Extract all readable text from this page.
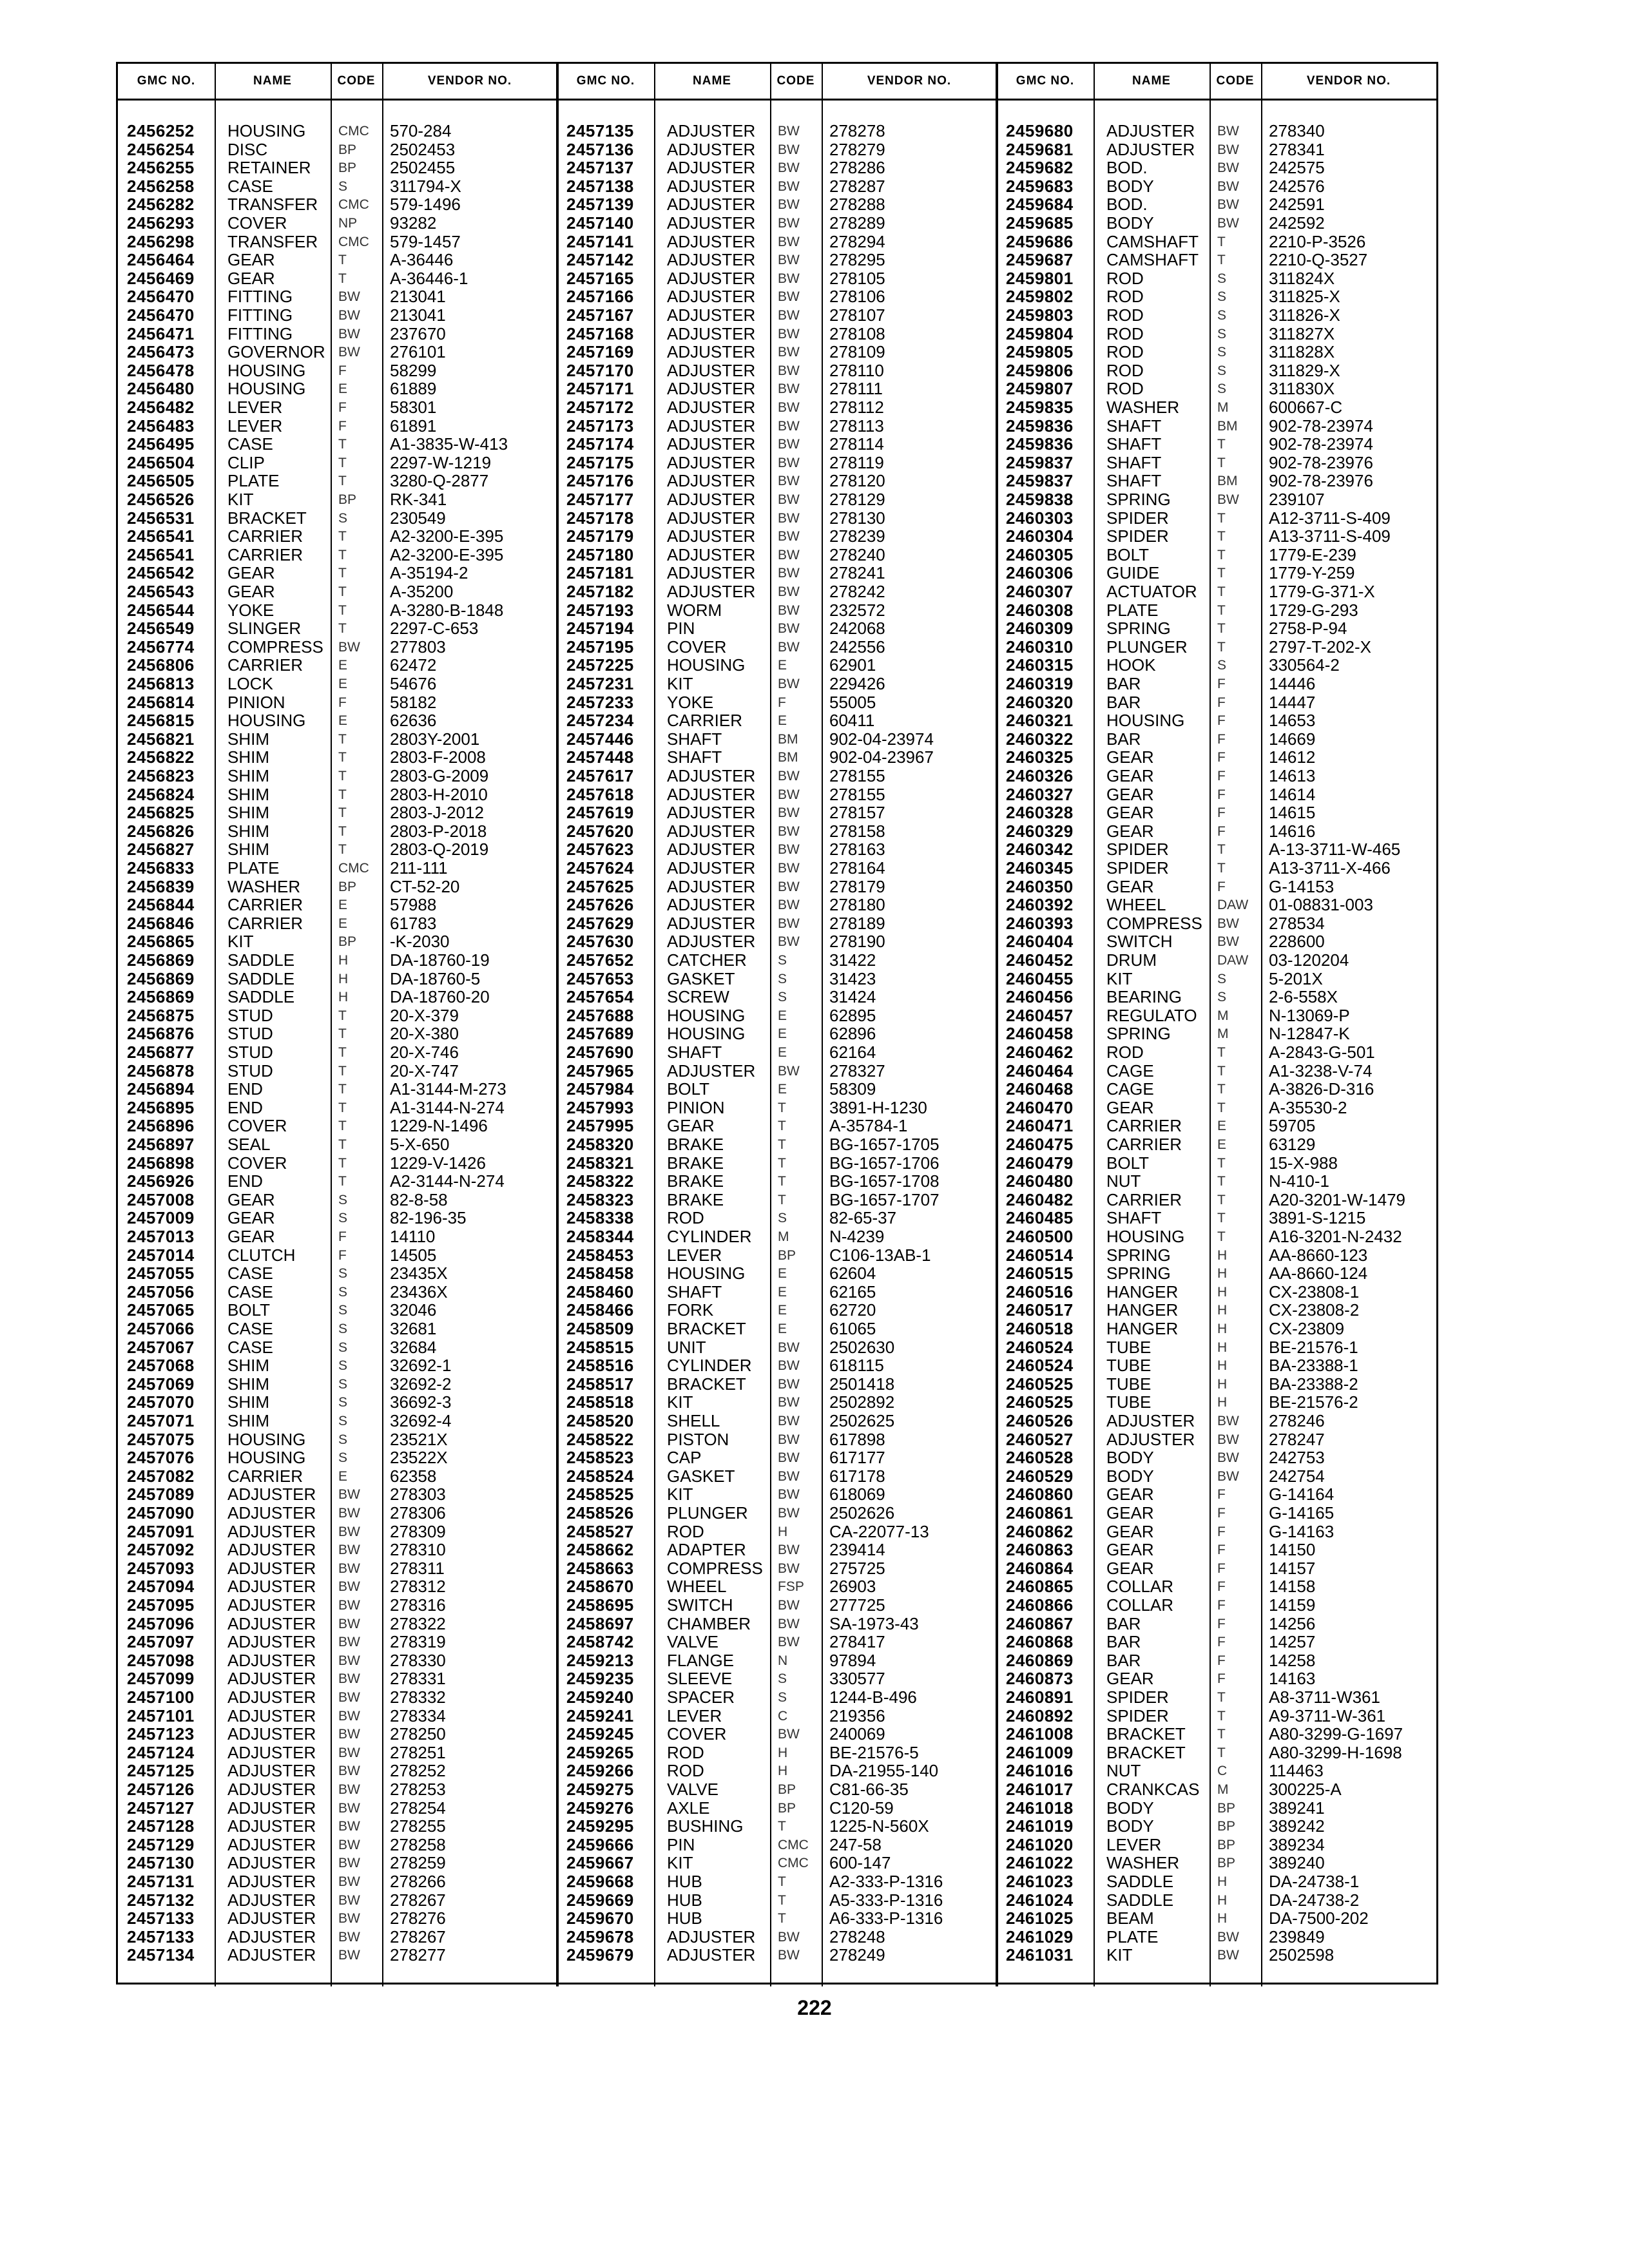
GMC NO.	NAME	CODE	VENDOR NO.	GMC NO.	NAME	CODE	VENDOR NO.	GMC NO.	NAME	CODE	VENDOR NO.
2456252 HOUSING CMC 570-284
2456254 DISC	BP 2502453
2456255 RETAINER BP 2502455
2456258 CASE	S	311794-X
2456282 TRANSFER CMC 579-1496
2456293 COVER	NP 93282
2456298 TRANSFER CMC 579-1457
2456464 GEAR	T	A-36446
2456469 GEAR	T	A-36446-1
2456470 FITTING	BW 213041
2456470 FITTING	BW 213041
2456471 FITTING	BW 237670
2456473 GOVERNOR BW 276101
2456478 HOUSING F	58299
2456480 HOUSING E	61889
2456482 LEVER	F	58301
2456483 LEVER	F	61891
2456495 CASE	T	A1-3835-W-413
2456504 CLIP	T	2297-W-1219
2456505 PLATE	T	3280-Q-2877
2456526 KIT	BP RK-341
2456531 BRACKET S	230549
2456541 CARRIER	T	A2-3200-E-395
2456541 CARRIER	T	A2-3200-E-395
2456542 GEAR	T	A-35194-2
2456543 GEAR	T	A-35200
2456544 YOKE	T	A-3280-B-1848
2456549 SLINGER	T	2297-C-653
2456774 COMPRESS BW 277803
2456806 CARRIER	E	62472
2456813 LOCK	E	54676
2456814 PINION	F	58182
2456815 HOUSING E	62636
2456821 SHIM	T	2803Y-2001
2456822 SHIM	T	2803-F-2008
2456823 SHIM	T	2803-G-2009
2456824 SHIM	T	2803-H-2010
2456825 SHIM	T	2803-J-2012
2456826 SHIM	T	2803-P-2018
2456827 SHIM	T	2803-Q-2019
2456833 PLATE	CMC 211-111
2456839 WASHER	BP CT-52-20
2456844 CARRIER	E	57988
2456846 CARRIER	E	61783
2456865 KIT	BP -K-2030
2456869 SADDLE	H DA-18760-19
2456869 SADDLE	H DA-18760-5
2456869 SADDLE	H DA-18760-20
2456875 STUD	T	20-X-379
2456876 STUD	T	20-X-380
2456877 STUD	T	20-X-746
2456878 STUD	T	20-X-747
2456894 END	T	A1-3144-M-273
2456895 END	T	A1-3144-N-274
2456896 COVER	T	1229-N-1496
2456897 SEAL	T	5-X-650
2456898 COVER	T	1229-V-1426
2456926 END	T	A2-3144-N-274
2457008 GEAR	S	82-8-58
2457009 GEAR	S	82-196-35
2457013 GEAR	F	14110
2457014 CLUTCH	F	14505
2457055 CASE	S	23435X
2457056 CASE	S	23436X
2457065 BOLT	S	32046
2457066 CASE	S	32681
2457067 CASE	S	32684
2457068 SHIM	S	32692-1
2457069 SHIM	S	32692-2
2457070 SHIM	S	36692-3
2457071 SHIM	S	32692-4
2457075 HOUSING S	23521X
2457076 HOUSING S	23522X
2457082 CARRIER	E	62358
2457089 ADJUSTER BW 278303
2457090 ADJUSTER BW 278306
2457091 ADJUSTER BW 278309
2457092 ADJUSTER BW 278310
2457093 ADJUSTER BW 278311
2457094 ADJUSTER BW 278312
2457095 ADJUSTER BW 278316
2457096 ADJUSTER BW 278322
2457097 ADJUSTER BW 278319
2457098 ADJUSTER BW 278330
2457099 ADJUSTER BW 278331
2457100 ADJUSTER BW 278332
2457101 ADJUSTER BW 278334
2457123 ADJUSTER BW 278250
2457124 ADJUSTER BW 278251
2457125 ADJUSTER BW 278252
2457126 ADJUSTER BW 278253
2457127 ADJUSTER BW 278254
2457128 ADJUSTER BW 278255
2457129 ADJUSTER BW 278258
2457130 ADJUSTER BW 278259
2457131 ADJUSTER BW 278266
2457132 ADJUSTER BW 278267
2457133 ADJUSTER BW 278276
2457133 ADJUSTER BW 278267
2457134 ADJUSTER BW 278277
2457135 ADJUSTER BW 278278
2457136 ADJUSTER BW 278279
2457137 ADJUSTER BW 278286
2457138 ADJUSTER BW 278287
2457139 ADJUSTER BW 278288
2457140 ADJUSTER BW 278289
2457141 ADJUSTER BW 278294
2457142 ADJUSTER BW 278295
2457165 ADJUSTER BW 278105
2457166 ADJUSTER BW 278106
2457167 ADJUSTER BW 278107
2457168 ADJUSTER BW 278108
2457169 ADJUSTER BW 278109
2457170 ADJUSTER BW 278110
2457171 ADJUSTER BW 278111
2457172 ADJUSTER BW 278112
2457173 ADJUSTER BW 278113
2457174 ADJUSTER BW 278114
2457175 ADJUSTER BW 278119
2457176 ADJUSTER BW 278120
2457177 ADJUSTER BW 278129
2457178 ADJUSTER BW 278130
2457179 ADJUSTER BW 278239
2457180 ADJUSTER BW 278240
2457181 ADJUSTER BW 278241
2457182 ADJUSTER BW 278242
2457193 WORM	BW 232572
2457194 PIN	BW 242068
2457195 COVER	BW 242556
2457225 HOUSING E	62901
2457231 KIT	BW 229426
2457233 YOKE	F	55005
2457234 CARRIER	E	60411
2457446 SHAFT	BM 902-04-23974
2457448 SHAFT	BM 902-04-23967
2457617 ADJUSTER BW 278155
2457618 ADJUSTER BW 278155
2457619 ADJUSTER BW 278157
2457620 ADJUSTER BW 278158
2457623 ADJUSTER BW 278163
2457624 ADJUSTER BW 278164
2457625 ADJUSTER BW 278179
2457626 ADJUSTER BW 278180
2457629 ADJUSTER BW 278189
2457630 ADJUSTER BW 278190
2457652 CATCHER S	31422
2457653 GASKET	S	31423
2457654 SCREW	S	31424
2457688 HOUSING E	62895
2457689 HOUSING E	62896
2457690 SHAFT	E	62164
2457965 ADJUSTER BW 278327
2457984 BOLT	E	58309
2457993 PINION	T	3891-H-1230
2457995 GEAR	T	A-35784-1
2458320 BRAKE	T	BG-1657-1705
2458321 BRAKE	T	BG-1657-1706
2458322 BRAKE	T	BG-1657-1708
2458323 BRAKE	T	BG-1657-1707
2458338 ROD	S	82-65-37
2458344 CYLINDER M N-4239
2458453 LEVER	BP C106-13AB-1
2458458 HOUSING E	62604
2458460 SHAFT	E	62165
2458466 FORK	E	62720
2458509 BRACKET E	61065
2458515 UNIT	BW 2502630
2458516 CYLINDER BW 618115
2458517 BRACKET BW 2501418
2458518 KIT	BW 2502892
2458520 SHELL	BW 2502625
2458522 PISTON	BW 617898
2458523 CAP	BW 617177
2458524 GASKET	BW 617178
2458525 KIT	BW 618069
2458526 PLUNGER BW 2502626
2458527 ROD	H CA-22077-13
2458662 ADAPTER BW 239414
2458663 COMPRESS BW 275725
2458670 WHEEL	FSP 26903
2458695 SWITCH	BW 277725
2458697 CHAMBER BW SA-1973-43
2458742 VALVE	BW 278417
2459213 FLANGE	N 97894
2459235 SLEEVE	S	330577
2459240 SPACER	S	1244-B-496
2459241 LEVER	C 219356
2459245 COVER	BW 240069
2459265 ROD	H BE-21576-5
2459266 ROD	H DA-21955-140
2459275 VALVE	BP C81-66-35
2459276 AXLE	BP C120-59
2459295 BUSHING	T	1225-N-560X
2459666 PIN	CMC 247-58
2459667 KIT	CMC 600-147
2459668 HUB	T	A2-333-P-1316
2459669 HUB	T	A5-333-P-1316
2459670 HUB	T	A6-333-P-1316
2459678 ADJUSTER BW 278248
2459679 ADJUSTER BW 278249
2459680 ADJUSTER BW 278340
2459681 ADJUSTER BW 278341
2459682 BOD.	BW 242575
2459683 BODY	BW 242576
2459684 BOD.	BW 242591
2459685 BODY	BW 242592
2459686 CAMSHAFT T	2210-P-3526
2459687 CAMSHAFT T	2210-Q-3527
2459801 ROD	S	311824X
2459802 ROD	S	311825-X
2459803 ROD	S	311826-X
2459804 ROD	S	311827X
2459805 ROD	S	311828X
2459806 ROD	S	311829-X
2459807 ROD	S	311830X
2459835 WASHER	M 600667-C
2459836 SHAFT	BM 902-78-23974
2459836 SHAFT	T	902-78-23974
2459837 SHAFT	T	902-78-23976
2459837 SHAFT	BM 902-78-23976
2459838 SPRING	BW 239107
2460303 SPIDER	T	A12-3711-S-409
2460304 SPIDER	T	A13-3711-S-409
2460305 BOLT	T	1779-E-239
2460306 GUIDE	T	1779-Y-259
2460307 ACTUATOR T	1779-G-371-X
2460308 PLATE	T	1729-G-293
2460309 SPRING	T	2758-P-94
2460310 PLUNGER T	2797-T-202-X
2460315 HOOK	S	330564-2
2460319 BAR	F	14446
2460320 BAR	F	14447
2460321 HOUSING F	14653
2460322 BAR	F	14669
2460325 GEAR	F	14612
2460326 GEAR	F	14613
2460327 GEAR	F	14614
2460328 GEAR	F	14615
2460329 GEAR	F	14616
2460342 SPIDER	T	A-13-3711-W-465
2460345 SPIDER	T	A13-3711-X-466
2460350 GEAR	F	G-14153
2460392 WHEEL	DAW 01-08831-003
2460393 COMPRESS BW 278534
2460404 SWITCH	BW 228600
2460452 DRUM	DAW 03-120204
2460455 KIT	S	5-201X
2460456 BEARING	S	2-6-558X
2460457 REGULATO M N-13069-P
2460458 SPRING	M N-12847-K
2460462 ROD	T	A-2843-G-501
2460464 CAGE	T	A1-3238-V-74
2460468 CAGE	T	A-3826-D-316
2460470 GEAR	T	A-35530-2
2460471 CARRIER	E	59705
2460475 CARRIER	E	63129
2460479 BOLT	T	15-X-988
2460480 NUT	T	N-410-1
2460482 CARRIER	T	A20-3201-W-1479
2460485 SHAFT	T	3891-S-1215
2460500 HOUSING T	A16-3201-N-2432
2460514 SPRING	H AA-8660-123
2460515 SPRING	H AA-8660-124
2460516 HANGER	H CX-23808-1
2460517 HANGER	H CX-23808-2
2460518 HANGER	H CX-23809
2460524 TUBE	H BE-21576-1
2460524 TUBE	H BA-23388-1
2460525 TUBE	H BA-23388-2
2460525 TUBE	H BE-21576-2
2460526 ADJUSTER BW 278246
2460527 ADJUSTER BW 278247
2460528 BODY	BW 242753
2460529 BODY	BW 242754
2460860 GEAR	F	G-14164
2460861 GEAR	F	G-14165
2460862 GEAR	F	G-14163
2460863 GEAR	F	14150
2460864 GEAR	F	14157
2460865 COLLAR	F	14158
2460866 COLLAR	F	14159
2460867 BAR	F	14256
2460868 BAR	F	14257
2460869 BAR	F	14258
2460873 GEAR	F	14163
2460891 SPIDER	T	A8-3711-W361
2460892 SPIDER	T	A9-3711-W-361
2461008 BRACKET T	A80-3299-G-1697
2461009 BRACKET T	A80-3299-H-1698
2461016 NUT	C 114463
2461017 CRANKCAS M 300225-A
2461018 BODY	BP 389241
2461019 BODY	BP 389242
2461020 LEVER	BP 389234
2461022 WASHER	BP 389240
2461023 SADDLE	H DA-24738-1
2461024 SADDLE	H DA-24738-2
2461025 BEAM	H DA-7500-202
2461029 PLATE	BW 239849
2461031 KIT	BW 2502598
222
